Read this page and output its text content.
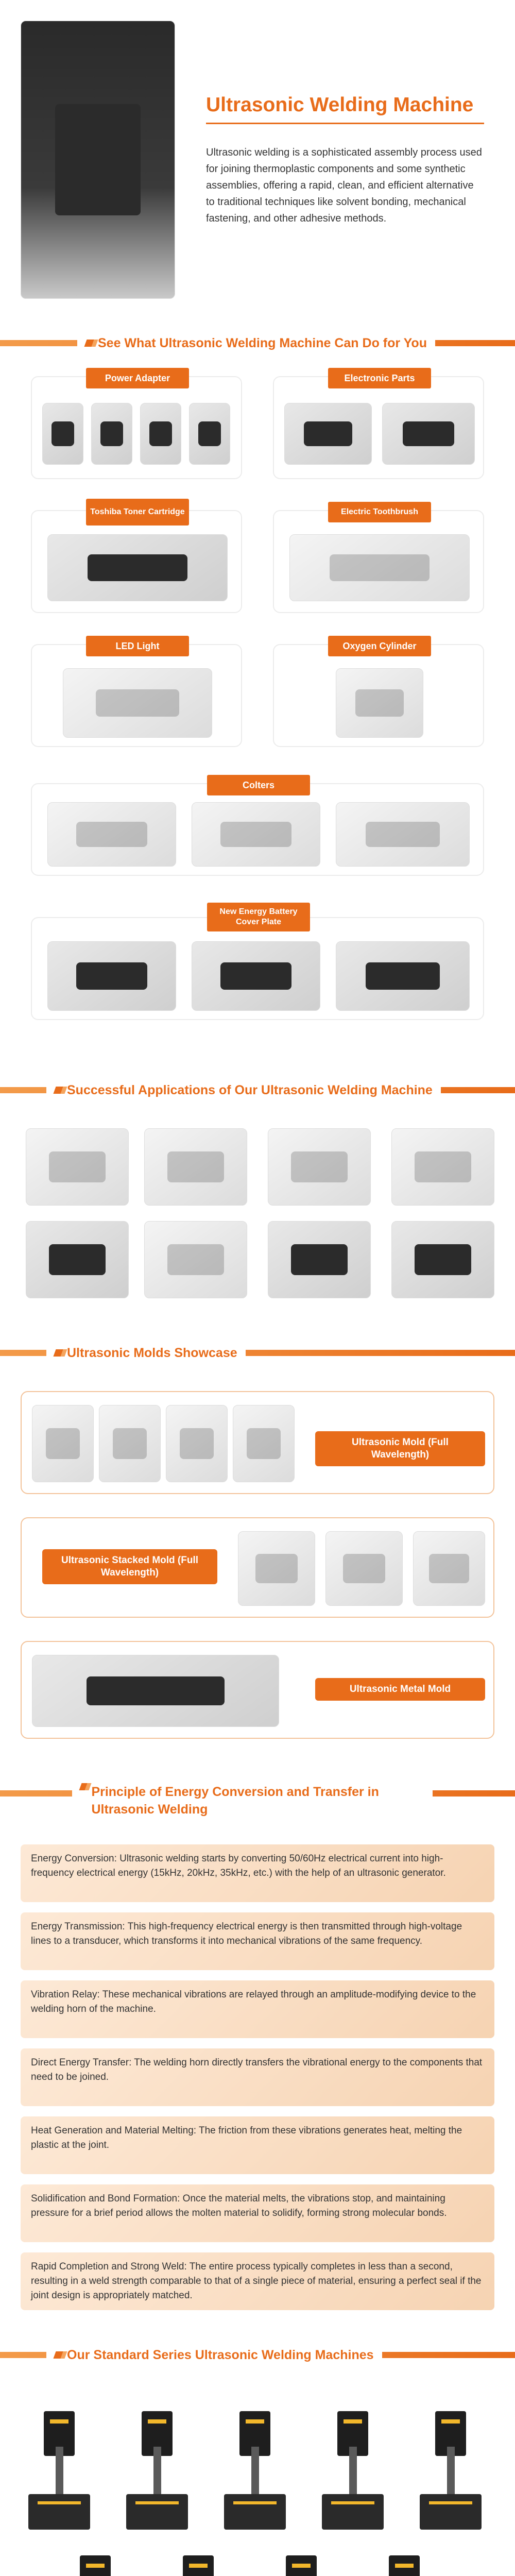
Ultrasonic Welding Machine
Ultrasonic welding is a sophisticated assembly process used for joining thermoplastic components and some synthetic assemblies, offering a rapid, clean, and efficient alternative to traditional techniques like solvent bonding, mechanical fastening, and other adhesive methods.
See What Ultrasonic Welding Machine Can Do for You
Power Adapter	Electronic Parts
Toshiba Toner Cartridge	Electric Toothbrush
LED Light	Oxygen Cylinder
Colters
New Energy Battery Cover Plate
Successful Applications of Our Ultrasonic Welding Machine
Ultrasonic Molds Showcase
Ultrasonic Mold (Full Wavelength)
Ultrasonic Stacked Mold (Full Wavelength)
Ultrasonic Metal Mold
Principle of Energy Conversion and Transfer in Ultrasonic Welding
Energy Conversion: Ultrasonic welding starts by converting 50/60Hz electrical current into high-frequency electrical energy (15kHz, 20kHz, 35kHz, etc.) with the help of an ultrasonic generator.
Energy Transmission: This high-frequency electrical energy is then transmitted through high-voltage lines to a transducer, which transforms it into mechanical vibrations of the same frequency.
Vibration Relay: These mechanical vibrations are relayed through an amplitude-modifying device to the welding horn of the machine.
Direct Energy Transfer: The welding horn directly transfers the vibrational energy to the components that need to be joined.
Heat Generation and Material Melting: The friction from these vibrations generates heat, melting the plastic at the joint.
Solidification and Bond Formation: Once the material melts, the vibrations stop, and maintaining pressure for a brief period allows the molten material to solidify, forming strong molecular bonds.
Rapid Completion and Strong Weld: The entire process typically completes in less than a second, resulting in a weld strength comparable to that of a single piece of material, ensuring a perfect seal if the joint design is appropriately matched.
Our Standard Series Ultrasonic Welding Machines
